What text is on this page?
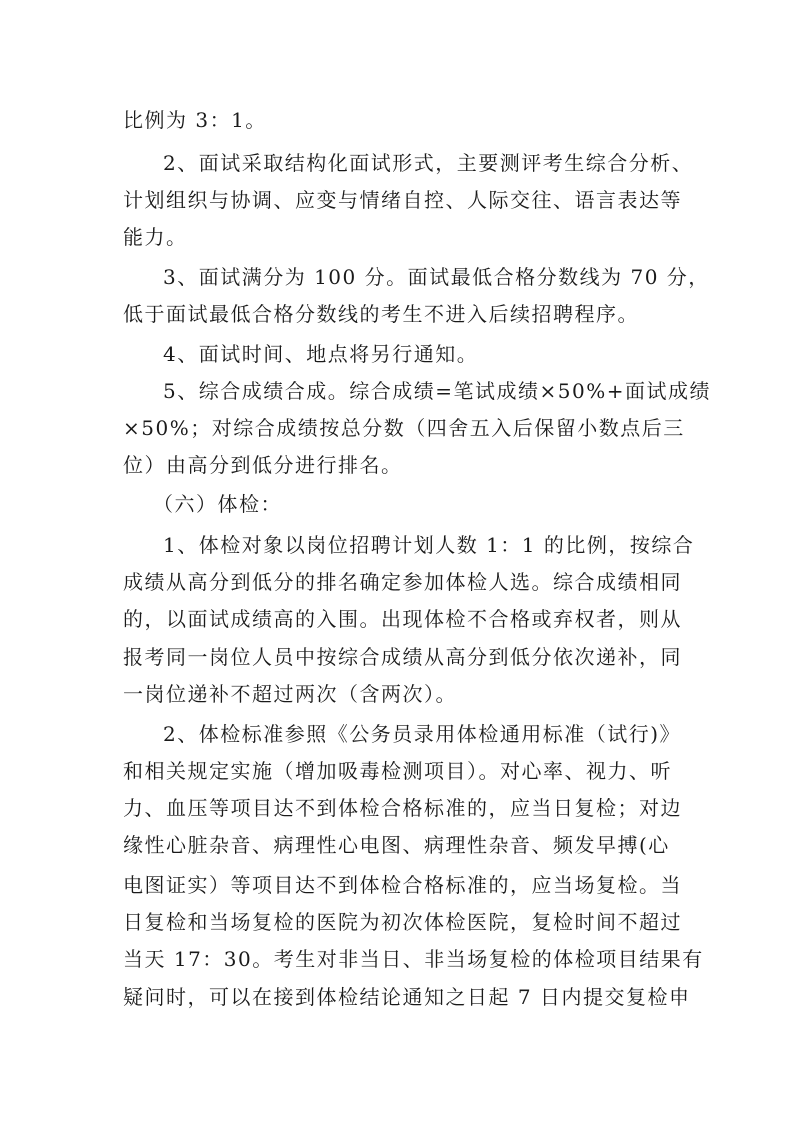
比例为 3：1。
2、面试采取结构化面试形式，主要测评考生综合分析、
计划组织与协调、应变与情绪自控、人际交往、语言表达等
能力。
3、面试满分为 100 分。面试最低合格分数线为 70 分，
低于面试最低合格分数线的考生不进入后续招聘程序。
4、面试时间、地点将另行通知。
5、综合成绩合成。综合成绩=笔试成绩×50%+面试成绩
×50%；对综合成绩按总分数（四舍五入后保留小数点后三
位）由高分到低分进行排名。
（六）体检：
1、体检对象以岗位招聘计划人数 1：1 的比例，按综合
成绩从高分到低分的排名确定参加体检人选。综合成绩相同
的，以面试成绩高的入围。出现体检不合格或弃权者，则从
报考同一岗位人员中按综合成绩从高分到低分依次递补，同
一岗位递补不超过两次（含两次）。
2、体检标准参照《公务员录用体检通用标准（试行)》
和相关规定实施（增加吸毒检测项目）。对心率、视力、听
力、血压等项目达不到体检合格标准的，应当日复检；对边
缘性心脏杂音、病理性心电图、病理性杂音、频发早搏(心
电图证实）等项目达不到体检合格标准的，应当场复检。当
日复检和当场复检的医院为初次体检医院，复检时间不超过
当天 17：30。考生对非当日、非当场复检的体检项目结果有
疑问时，可以在接到体检结论通知之日起 7 日内提交复检申
